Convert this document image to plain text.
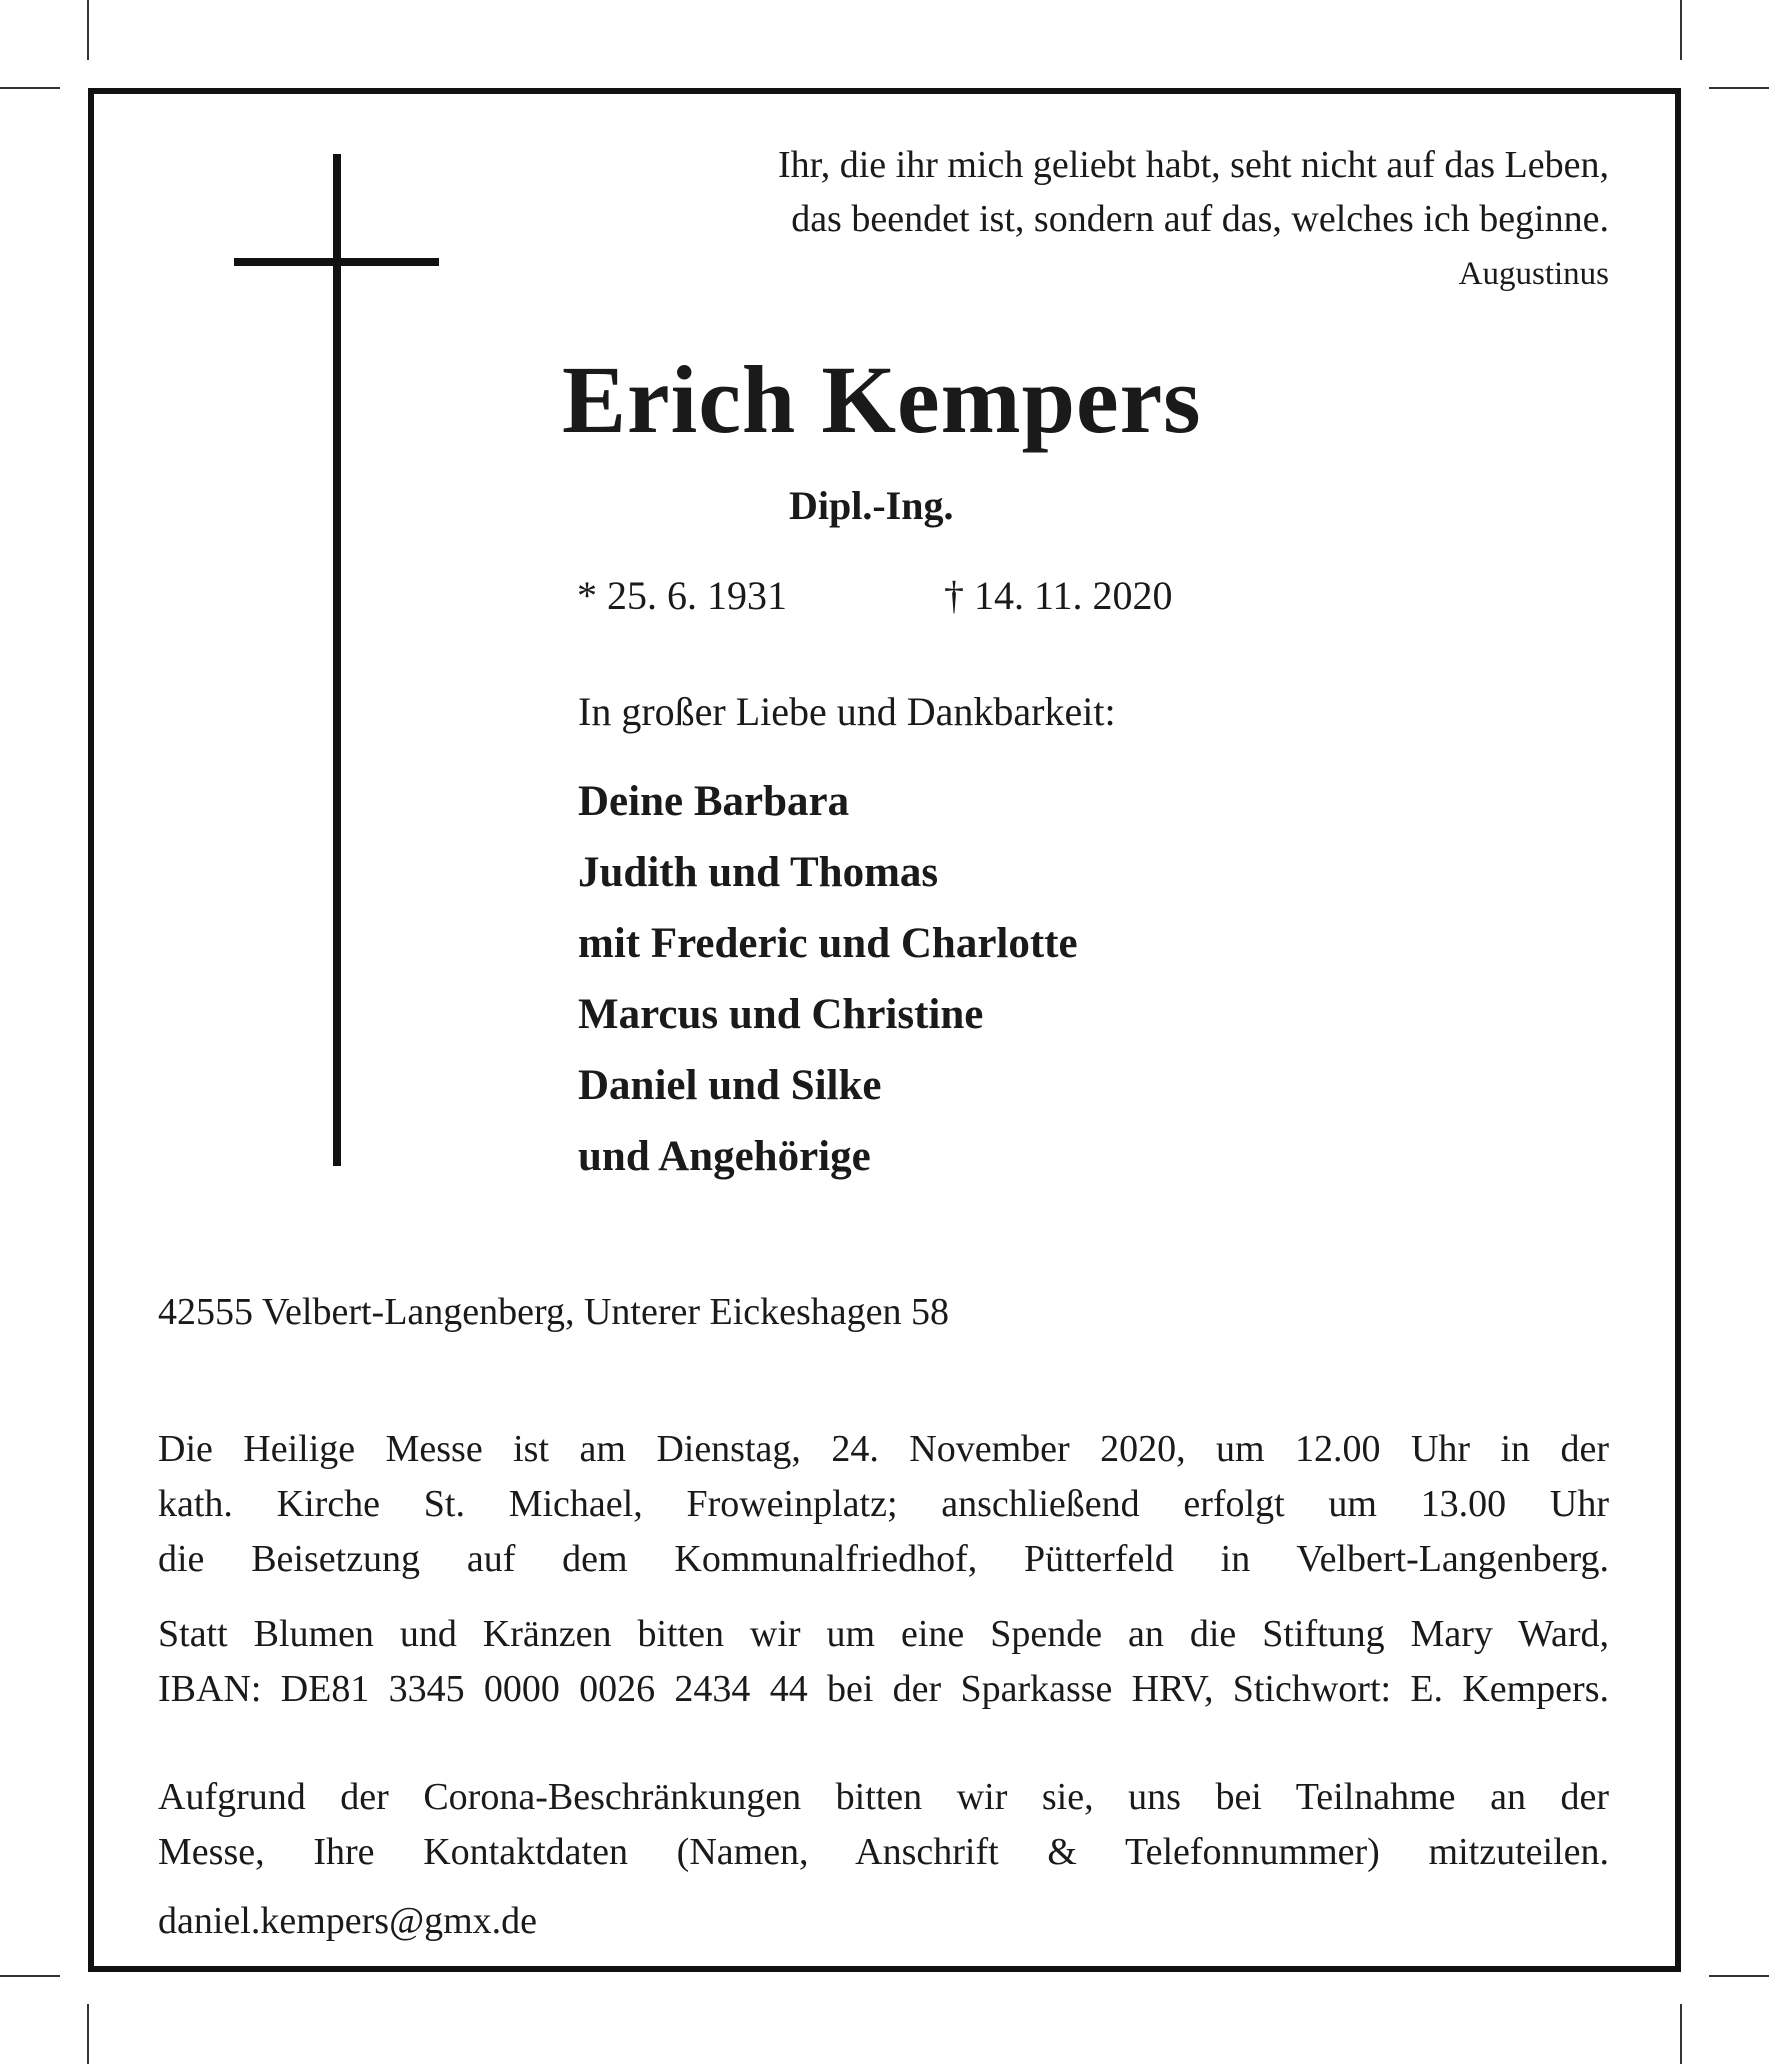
Ihr, die ihr mich geliebt habt, seht nicht auf das Leben,
das beendet ist, sondern auf das, welches ich beginne.
Augustinus
Erich Kempers
Dipl.-Ing.
* 25. 6. 1931	† 14. 11. 2020
In großer Liebe und Dankbarkeit:
Deine Barbara
Judith und Thomas
mit Frederic und Charlotte
Marcus und Christine
Daniel und Silke
und Angehörige
42555 Velbert-Langenberg, Unterer Eickeshagen 58
Die Heilige Messe ist am Dienstag, 24. November 2020, um 12.00 Uhr in der
kath. Kirche St. Michael, Froweinplatz; anschließend erfolgt um 13.00 Uhr
die Beisetzung auf dem Kommunalfriedhof, Pütterfeld in Velbert-Langenberg.
Statt Blumen und Kränzen bitten wir um eine Spende an die Stiftung Mary Ward,
IBAN: DE81 3345 0000 0026 2434 44 bei der Sparkasse HRV, Stichwort: E. Kempers.
Aufgrund der Corona-Beschränkungen bitten wir sie, uns bei Teilnahme an der
Messe, Ihre Kontaktdaten (Namen, Anschrift & Telefonnummer) mitzuteilen.
daniel.kempers@gmx.de
